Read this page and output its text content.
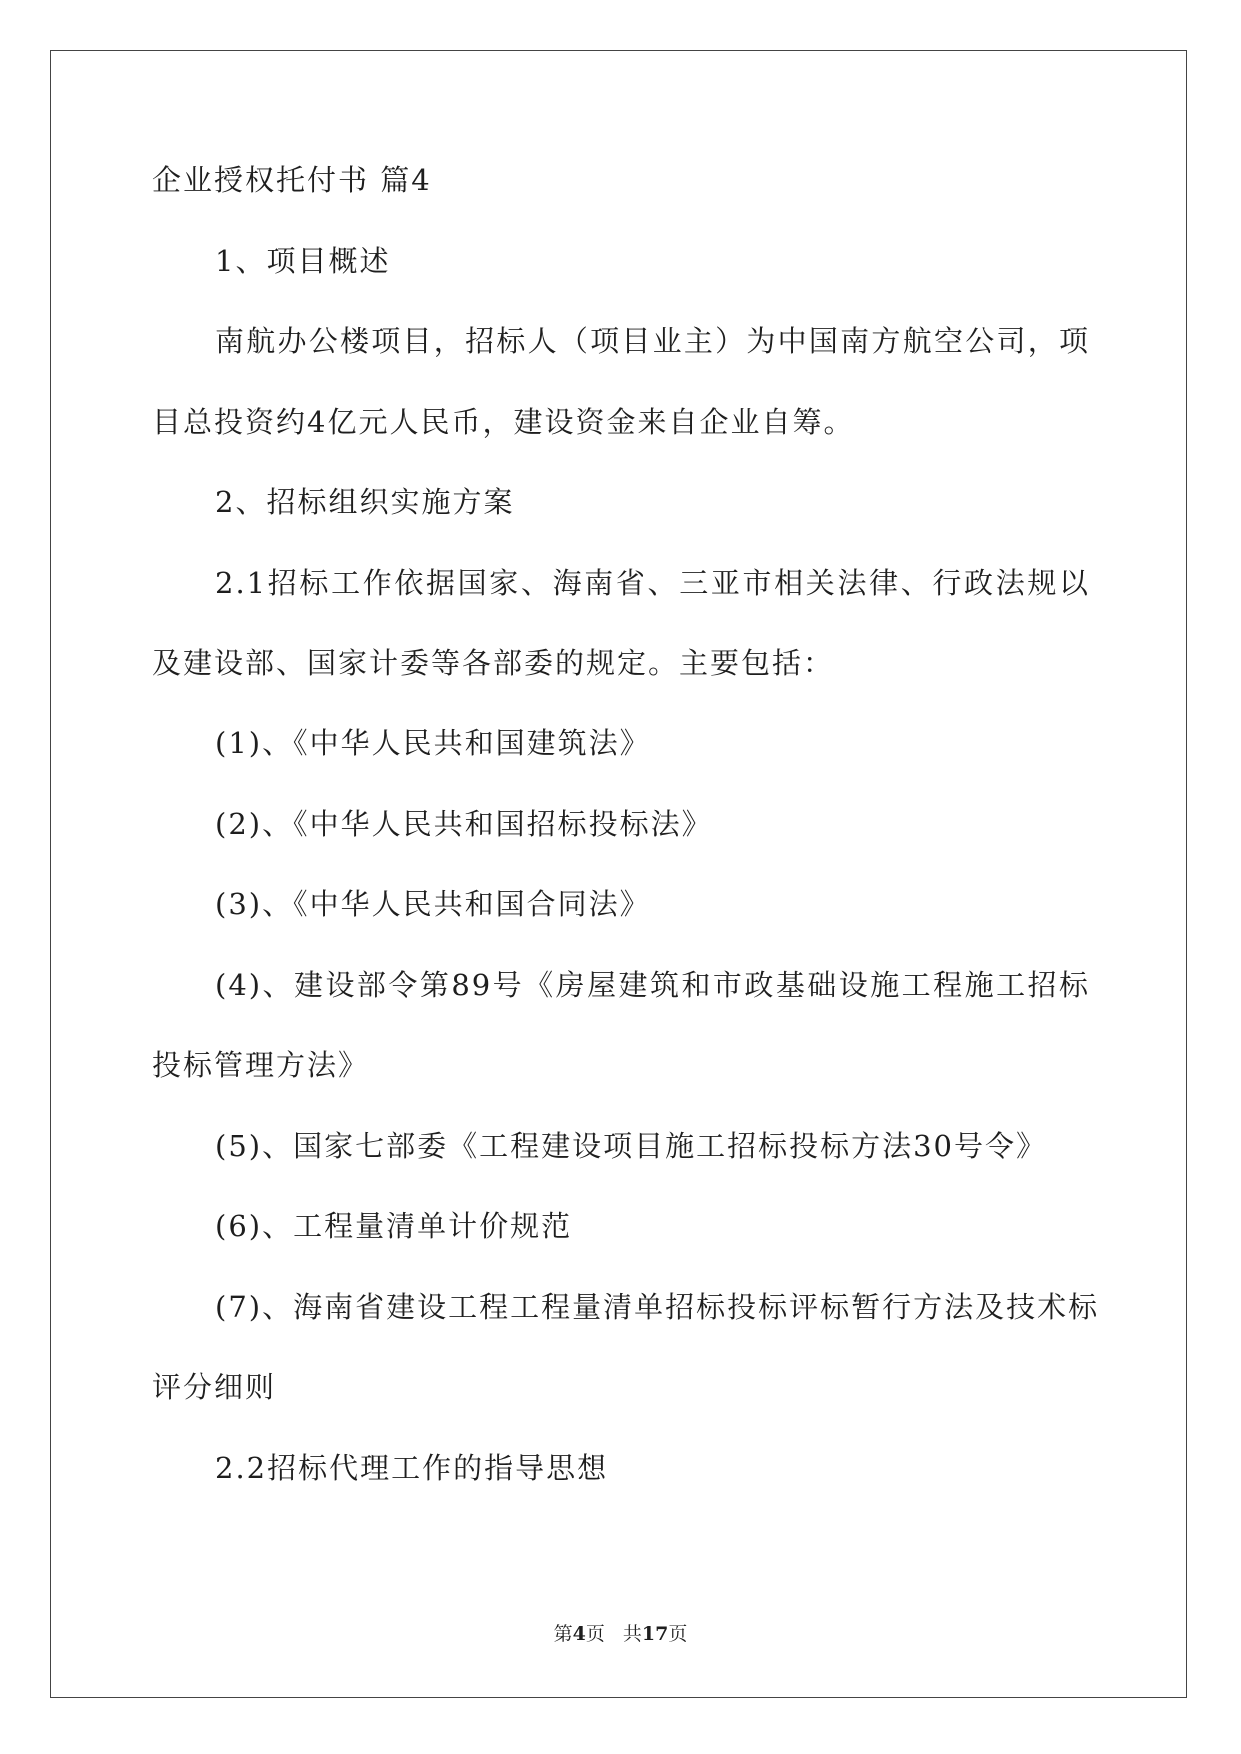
企业授权托付书 篇4
1、项目概述
南航办公楼项目，招标人（项目业主）为中国南方航空公司，项
目总投资约4亿元人民币，建设资金来自企业自筹。
2、招标组织实施方案
2.1招标工作依据国家、海南省、三亚市相关法律、行政法规以
及建设部、国家计委等各部委的规定。主要包括：
(1)、《中华人民共和国建筑法》
(2)、《中华人民共和国招标投标法》
(3)、《中华人民共和国合同法》
(4)、建设部令第89号《房屋建筑和市政基础设施工程施工招标
投标管理方法》
(5)、国家七部委《工程建设项目施工招标投标方法30号令》
(6)、工程量清单计价规范
(7)、海南省建设工程工程量清单招标投标评标暂行方法及技术标
评分细则
2.2招标代理工作的指导思想
第4页 共17页
